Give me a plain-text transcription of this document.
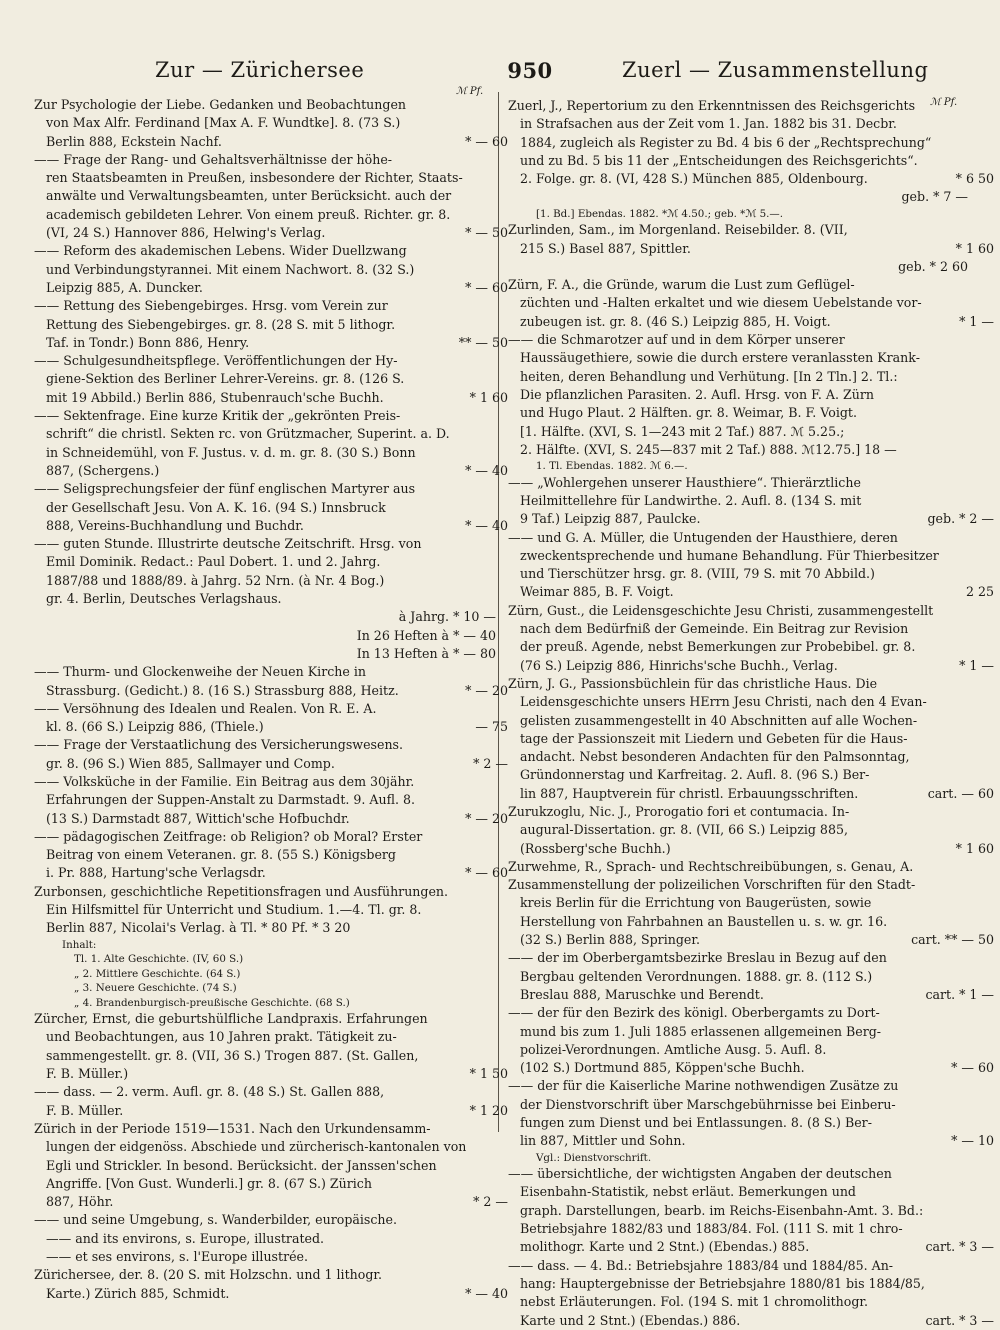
Zur — Zürichersee	950	Zuerl — Zusammenstellung
ℳ Pf.
ℳ Pf.
Zur Psychologie der Liebe. Gedanken und Beobachtungen
von Max Alfr. Ferdinand [Max A. F. Wundtke]. 8. (73 S.)
Berlin 888, Eckstein Nachf.	* — 60
—— Frage der Rang- und Gehaltsverhältnisse der höhe-
ren Staatsbeamten in Preußen, insbesondere der Richter, Staats-
anwälte und Verwaltungsbeamten, unter Berücksicht. auch der
academisch gebildeten Lehrer. Von einem preuß. Richter. gr. 8.
(VI, 24 S.) Hannover 886, Helwing's Verlag.	* — 50
—— Reform des akademischen Lebens. Wider Duellzwang
und Verbindungstyrannei. Mit einem Nachwort. 8. (32 S.)
Leipzig 885, A. Duncker.	* — 60
—— Rettung des Siebengebirges. Hrsg. vom Verein zur
Rettung des Siebengebirges. gr. 8. (28 S. mit 5 lithogr.
Taf. in Tondr.) Bonn 886, Henry.	** — 50
—— Schulgesundheitspflege. Veröffentlichungen der Hy-
giene-Sektion des Berliner Lehrer-Vereins. gr. 8. (126 S.
mit 19 Abbild.) Berlin 886, Stubenrauch'sche Buchh.	* 1 60
—— Sektenfrage. Eine kurze Kritik der „gekrönten Preis-
schrift“ die christl. Sekten rc. von Grützmacher, Superint. a. D.
in Schneidemühl, von F. Justus. v. d. m. gr. 8. (30 S.) Bonn
887, (Schergens.)	* — 40
—— Seligsprechungsfeier der fünf englischen Martyrer aus
der Gesellschaft Jesu. Von A. K. 16. (94 S.) Innsbruck
888, Vereins-Buchhandlung und Buchdr.	* — 40
—— guten Stunde. Illustrirte deutsche Zeitschrift. Hrsg. von
Emil Dominik. Redact.: Paul Dobert. 1. und 2. Jahrg.
1887/88 und 1888/89. à Jahrg. 52 Nrn. (à Nr. 4 Bog.)
gr. 4. Berlin, Deutsches Verlagshaus.
à Jahrg. * 10 —
In 26 Heften à * — 40
In 13 Heften à * — 80
—— Thurm- und Glockenweihe der Neuen Kirche in
Strassburg. (Gedicht.) 8. (16 S.) Strassburg 888, Heitz.	* — 20
—— Versöhnung des Idealen und Realen. Von R. E. A.
kl. 8. (66 S.) Leipzig 886, (Thiele.)	— 75
—— Frage der Verstaatlichung des Versicherungswesens.
gr. 8. (96 S.) Wien 885, Sallmayer und Comp.	* 2 —
—— Volksküche in der Familie. Ein Beitrag aus dem 30jähr.
Erfahrungen der Suppen-Anstalt zu Darmstadt. 9. Aufl. 8.
(13 S.) Darmstadt 887, Wittich'sche Hofbuchdr.	* — 20
—— pädagogischen Zeitfrage: ob Religion? ob Moral? Erster
Beitrag von einem Veteranen. gr. 8. (55 S.) Königsberg
i. Pr. 888, Hartung'sche Verlagsdr.	* — 60
Zurbonsen, geschichtliche Repetitionsfragen und Ausführungen.
Ein Hilfsmittel für Unterricht und Studium. 1.—4. Tl. gr. 8.
Berlin 887, Nicolai's Verlag. à Tl. * 80 Pf. * 3 20
Inhalt:
Tl. 1. Alte Geschichte. (IV, 60 S.)
„ 2. Mittlere Geschichte. (64 S.)
„ 3. Neuere Geschichte. (74 S.)
„ 4. Brandenburgisch-preußische Geschichte. (68 S.)
Zürcher, Ernst, die geburtshülfliche Landpraxis. Erfahrungen
und Beobachtungen, aus 10 Jahren prakt. Tätigkeit zu-
sammengestellt. gr. 8. (VII, 36 S.) Trogen 887. (St. Gallen,
F. B. Müller.)	* 1 50
—— dass. — 2. verm. Aufl. gr. 8. (48 S.) St. Gallen 888,
F. B. Müller.	* 1 20
Zürich in der Periode 1519—1531. Nach den Urkundensamm-
lungen der eidgenöss. Abschiede und zürcherisch-kantonalen von
Egli und Strickler. In besond. Berücksicht. der Janssen'schen
Angriffe. [Von Gust. Wunderli.] gr. 8. (67 S.) Zürich
887, Höhr.	* 2 —
—— und seine Umgebung, s. Wanderbilder, europäische.
—— and its environs, s. Europe, illustrated.
—— et ses environs, s. l'Europe illustrée.
Zürichersee, der. 8. (20 S. mit Holzschn. und 1 lithogr.
Karte.) Zürich 885, Schmidt.	* — 40
Zuerl, J., Repertorium zu den Erkenntnissen des Reichsgerichts
in Strafsachen aus der Zeit vom 1. Jan. 1882 bis 31. Decbr.
1884, zugleich als Register zu Bd. 4 bis 6 der „Rechtsprechung“
und zu Bd. 5 bis 11 der „Entscheidungen des Reichsgerichts“.
2. Folge. gr. 8. (VI, 428 S.) München 885, Oldenbourg.	* 6 50
geb. * 7 —
[1. Bd.] Ebendas. 1882. *ℳ 4.50.; geb. *ℳ 5.—.
Zurlinden, Sam., im Morgenland. Reisebilder. 8. (VII,
215 S.) Basel 887, Spittler.	* 1 60
geb. * 2 60
Zürn, F. A., die Gründe, warum die Lust zum Geflügel-
züchten und -Halten erkaltet und wie diesem Uebelstande vor-
zubeugen ist. gr. 8. (46 S.) Leipzig 885, H. Voigt.	* 1 —
—— die Schmarotzer auf und in dem Körper unserer
Haussäugethiere, sowie die durch erstere veranlassten Krank-
heiten, deren Behandlung und Verhütung. [In 2 Tln.] 2. Tl.:
Die pflanzlichen Parasiten. 2. Aufl. Hrsg. von F. A. Zürn
und Hugo Plaut. 2 Hälften. gr. 8. Weimar, B. F. Voigt.
[1. Hälfte. (XVI, S. 1—243 mit 2 Taf.) 887. ℳ 5.25.;
2. Hälfte. (XVI, S. 245—837 mit 2 Taf.) 888. ℳ12.75.] 18 —
1. Tl. Ebendas. 1882. ℳ 6.—.
—— „Wohlergehen unserer Hausthiere“. Thierärztliche
Heilmittellehre für Landwirthe. 2. Aufl. 8. (134 S. mit
9 Taf.) Leipzig 887, Paulcke.	geb. * 2 —
—— und G. A. Müller, die Untugenden der Hausthiere, deren
zweckentsprechende und humane Behandlung. Für Thierbesitzer
und Tierschützer hrsg. gr. 8. (VIII, 79 S. mit 70 Abbild.)
Weimar 885, B. F. Voigt.	2 25
Zürn, Gust., die Leidensgeschichte Jesu Christi, zusammengestellt
nach dem Bedürfniß der Gemeinde. Ein Beitrag zur Revision
der preuß. Agende, nebst Bemerkungen zur Probebibel. gr. 8.
(76 S.) Leipzig 886, Hinrichs'sche Buchh., Verlag.	* 1 —
Zürn, J. G., Passionsbüchlein für das christliche Haus. Die
Leidensgeschichte unsers HErrn Jesu Christi, nach den 4 Evan-
gelisten zusammengestellt in 40 Abschnitten auf alle Wochen-
tage der Passionszeit mit Liedern und Gebeten für die Haus-
andacht. Nebst besonderen Andachten für den Palmsonntag,
Gründonnerstag und Karfreitag. 2. Aufl. 8. (96 S.) Ber-
lin 887, Hauptverein für christl. Erbauungsschriften.	cart. — 60
Zurukzoglu, Nic. J., Prorogatio fori et contumacia. In-
augural-Dissertation. gr. 8. (VII, 66 S.) Leipzig 885,
(Rossberg'sche Buchh.)	* 1 60
Zurwehme, R., Sprach- und Rechtschreibübungen, s. Genau, A.
Zusammenstellung der polizeilichen Vorschriften für den Stadt-
kreis Berlin für die Errichtung von Baugerüsten, sowie
Herstellung von Fahrbahnen an Baustellen u. s. w. gr. 16.
(32 S.) Berlin 888, Springer.	cart. ** — 50
—— der im Oberbergamtsbezirke Breslau in Bezug auf den
Bergbau geltenden Verordnungen. 1888. gr. 8. (112 S.)
Breslau 888, Maruschke und Berendt.	cart. * 1 —
—— der für den Bezirk des königl. Oberbergamts zu Dort-
mund bis zum 1. Juli 1885 erlassenen allgemeinen Berg-
polizei-Verordnungen. Amtliche Ausg. 5. Aufl. 8.
(102 S.) Dortmund 885, Köppen'sche Buchh.	* — 60
—— der für die Kaiserliche Marine nothwendigen Zusätze zu
der Dienstvorschrift über Marschgebührnisse bei Einberu-
fungen zum Dienst und bei Entlassungen. 8. (8 S.) Ber-
lin 887, Mittler und Sohn.	* — 10
Vgl.: Dienstvorschrift.
—— übersichtliche, der wichtigsten Angaben der deutschen
Eisenbahn-Statistik, nebst erläut. Bemerkungen und
graph. Darstellungen, bearb. im Reichs-Eisenbahn-Amt. 3. Bd.:
Betriebsjahre 1882/83 und 1883/84. Fol. (111 S. mit 1 chro-
molithogr. Karte und 2 Stnt.) (Ebendas.) 885.	cart. * 3 —
—— dass. — 4. Bd.: Betriebsjahre 1883/84 und 1884/85. An-
hang: Hauptergebnisse der Betriebsjahre 1880/81 bis 1884/85,
nebst Erläuterungen. Fol. (194 S. mit 1 chromolithogr.
Karte und 2 Stnt.) (Ebendas.) 886.	cart. * 3 —
